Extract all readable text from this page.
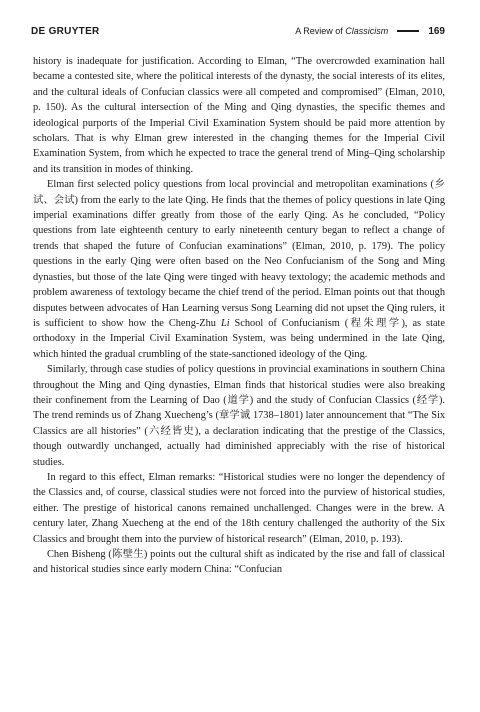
DE GRUYTER	A Review of Classicism	169

history is inadequate for justification. According to Elman, “The overcrowded examination hall became a contested site, where the political interests of the dynasty, the social interests of its elites, and the cultural ideals of Confucian classics were all competed and compromised” (Elman, 2010, p. 150). As the cultural intersection of the Ming and Qing dynasties, the specific themes and ideological purports of the Imperial Civil Examination System should be paid more attention by scholars. That is why Elman grew interested in the changing themes for the Imperial Civil Examination System, from which he expected to trace the general trend of Ming–Qing scholarship and its transition in modes of thinking.

Elman first selected policy questions from local provincial and metropolitan examinations (乡试、会试) from the early to the late Qing. He finds that the themes of policy questions in late Qing imperial examinations differ greatly from those of the early Qing. As he concluded, “Policy questions from late eighteenth century to early nineteenth century began to reflect a change of trends that shaped the future of Confucian examinations” (Elman, 2010, p. 179). The policy questions in the early Qing were often based on the Neo Confucianism of the Song and Ming dynasties, but those of the late Qing were tinged with heavy textology; the academic methods and problem awareness of textology became the chief trend of the period. Elman points out that though disputes between advocates of Han Learning versus Song Learning did not upset the Qing rulers, it is sufficient to show how the Cheng-Zhu Li School of Confucianism (程朱理学), as state orthodoxy in the Imperial Civil Examination System, was being undermined in the late Qing, which hinted the gradual crumbling of the state-sanctioned ideology of the Qing.

Similarly, through case studies of policy questions in provincial examinations in southern China throughout the Ming and Qing dynasties, Elman finds that historical studies were also breaking their confinement from the Learning of Dao (道学) and the study of Confucian Classics (经学). The trend reminds us of Zhang Xuecheng’s (章学诚 1738–1801) later announcement that “The Six Classics are all histories” (六经皆史), a declaration indicating that the prestige of the Classics, though outwardly unchanged, actually had diminished appreciably with the rise of historical studies.

In regard to this effect, Elman remarks: “Historical studies were no longer the dependency of the Classics and, of course, classical studies were not forced into the purview of historical studies, either. The prestige of historical canons remained unchallenged. Changes were in the brew. A century later, Zhang Xuecheng at the end of the 18th century challenged the authority of the Six Classics and brought them into the purview of historical research” (Elman, 2010, p. 193).

Chen Bisheng (陈壁生) points out the cultural shift as indicated by the rise and fall of classical and historical studies since early modern China: “Confucian
